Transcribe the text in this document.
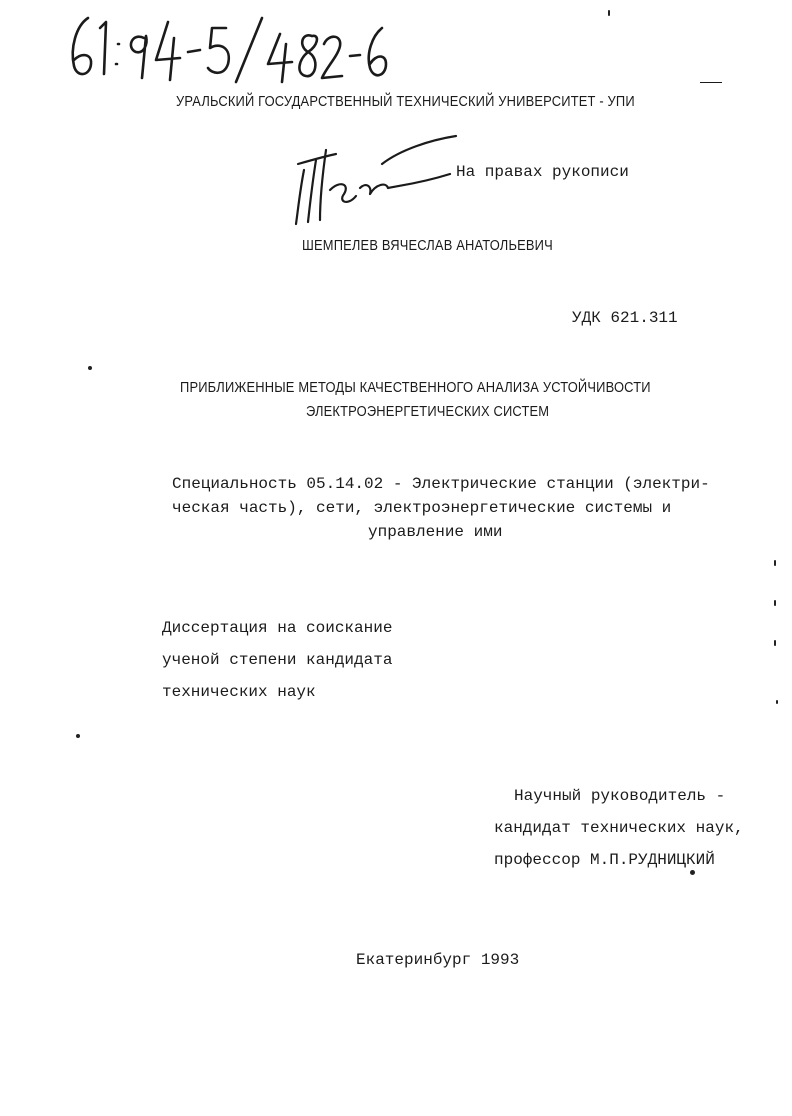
УРАЛЬСКИЙ ГОСУДАРСТВЕННЫЙ ТЕХНИЧЕСКИЙ УНИВЕРСИТЕТ - УПИ
На правах рукописи
ШЕМПЕЛЕВ ВЯЧЕСЛАВ АНАТОЛЬЕВИЧ
УДК 621.311
ПРИБЛИЖЕННЫЕ МЕТОДЫ КАЧЕСТВЕННОГО АНАЛИЗА УСТОЙЧИВОСТИ
ЭЛЕКТРОЭНЕРГЕТИЧЕСКИХ СИСТЕМ
Специальность 05.14.02 - Электрические станции (электри-
ческая часть), сети, электроэнергетические системы и
управление ими
Диссертация на соискание
ученой степени кандидата
технических наук
Научный руководитель -
кандидат технических наук,
профессор М.П.РУДНИЦКИЙ
Екатеринбург 1993
